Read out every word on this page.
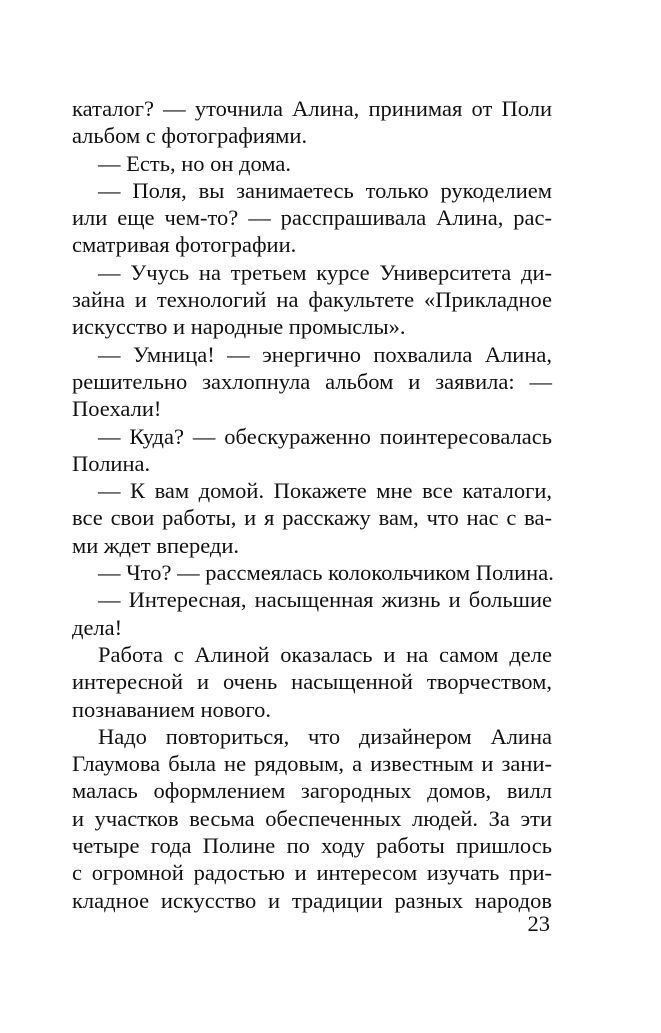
каталог? — уточнила Алина, принимая от Поли
альбом с фотографиями.
— Есть, но он дома.
— Поля, вы занимаетесь только рукоделием
или еще чем-то? — расспрашивала Алина, рас-
сматривая фотографии.
— Учусь на третьем курсе Университета ди-
зайна и технологий на факультете «Прикладное
искусство и народные промыслы».
— Умница! — энергично похвалила Алина,
решительно захлопнула альбом и заявила: —
Поехали!
— Куда? — обескураженно поинтересовалась
Полина.
— К вам домой. Покажете мне все каталоги,
все свои работы, и я расскажу вам, что нас с ва-
ми ждет впереди.
— Что? — рассмеялась колокольчиком Полина.
— Интересная, насыщенная жизнь и большие
дела!
Работа с Алиной оказалась и на самом деле
интересной и очень насыщенной творчеством,
познаванием нового.
Надо повториться, что дизайнером Алина
Глаумова была не рядовым, а известным и зани-
малась оформлением загородных домов, вилл
и участков весьма обеспеченных людей. За эти
четыре года Полине по ходу работы пришлось
с огромной радостью и интересом изучать при-
кладное искусство и традиции разных народов
23
